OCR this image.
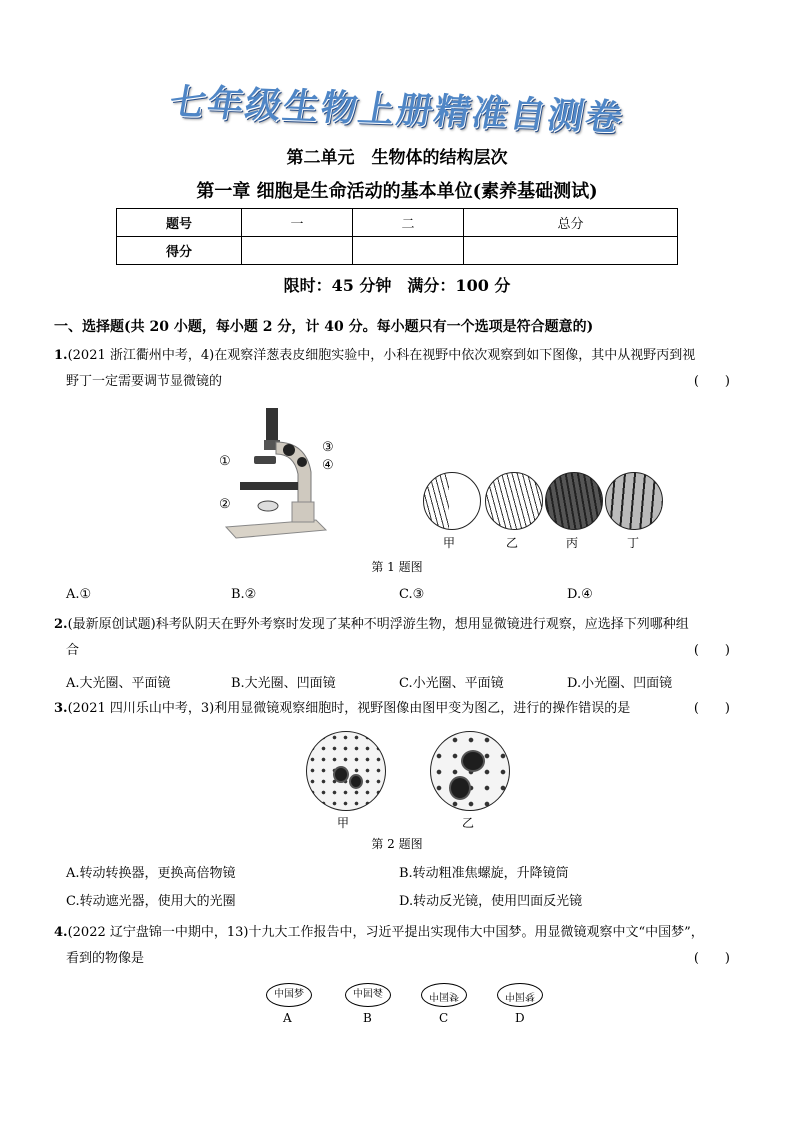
七年级生物上册精准自测卷
第二单元　生物体的结构层次
第一章 细胞是生命活动的基本单位(素养基础测试)
题号	一	二	总分
得分			
限时：45 分钟　满分：100 分
一、选择题(共 20 小题，每小题 2 分，计 40 分。每小题只有一个选项是符合题意的)
1.(2021 浙江衢州中考，4)在观察洋葱表皮细胞实验中，小科在视野中依次观察到如下图像，其中从视野丙到视
野丁一定需要调节显微镜的	(　　)
①
②
③
④
甲	乙	丙	丁
第 1 题图
A.①	B.②	C.③	D.④
2.(最新原创试题)科考队阴天在野外考察时发现了某种不明浮游生物，想用显微镜进行观察，应选择下列哪种组
合	(　　)
A.大光圈、平面镜	B.大光圈、凹面镜	C.小光圈、平面镜	D.小光圈、凹面镜
3.(2021 四川乐山中考，3)利用显微镜观察细胞时，视野图像由图甲变为图乙，进行的操作错误的是	(　　)
甲	乙
第 2 题图
A.转动转换器，更换高倍物镜	B.转动粗准焦螺旋，升降镜筒
C.转动遮光器，使用大的光圈	D.转动反光镜，使用凹面反光镜
4.(2022 辽宁盘锦一中期中，13)十九大工作报告中，习近平提出实现伟大中国梦。用显微镜观察中文“中国梦”，
看到的物像是	(　　)
中国梦	梦国中	中国梦	梦国中
A	B	C	D
